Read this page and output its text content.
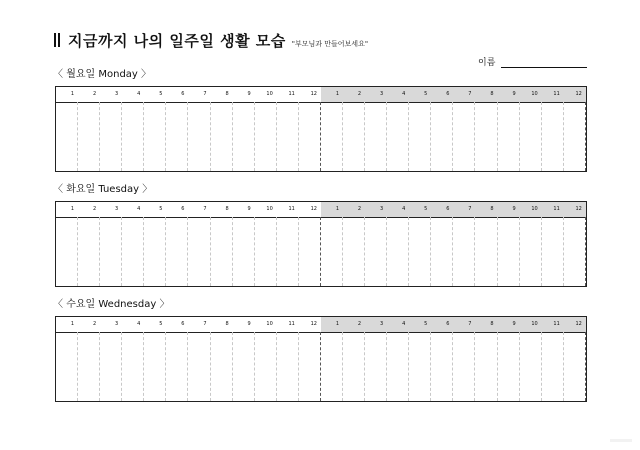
지금까지 나의 일주일 생활 모습 "부모님과 만들어보세요"
이름
〈 월요일 Monday 〉
1	2	3	4	5	6	7	8	9	10	11	12	1	2	3	4	5	6	7	8	9	10	11	12
〈 화요일 Tuesday 〉
1	2	3	4	5	6	7	8	9	10	11	12	1	2	3	4	5	6	7	8	9	10	11	12
〈 수요일 Wednesday 〉
1	2	3	4	5	6	7	8	9	10	11	12	1	2	3	4	5	6	7	8	9	10	11	12
